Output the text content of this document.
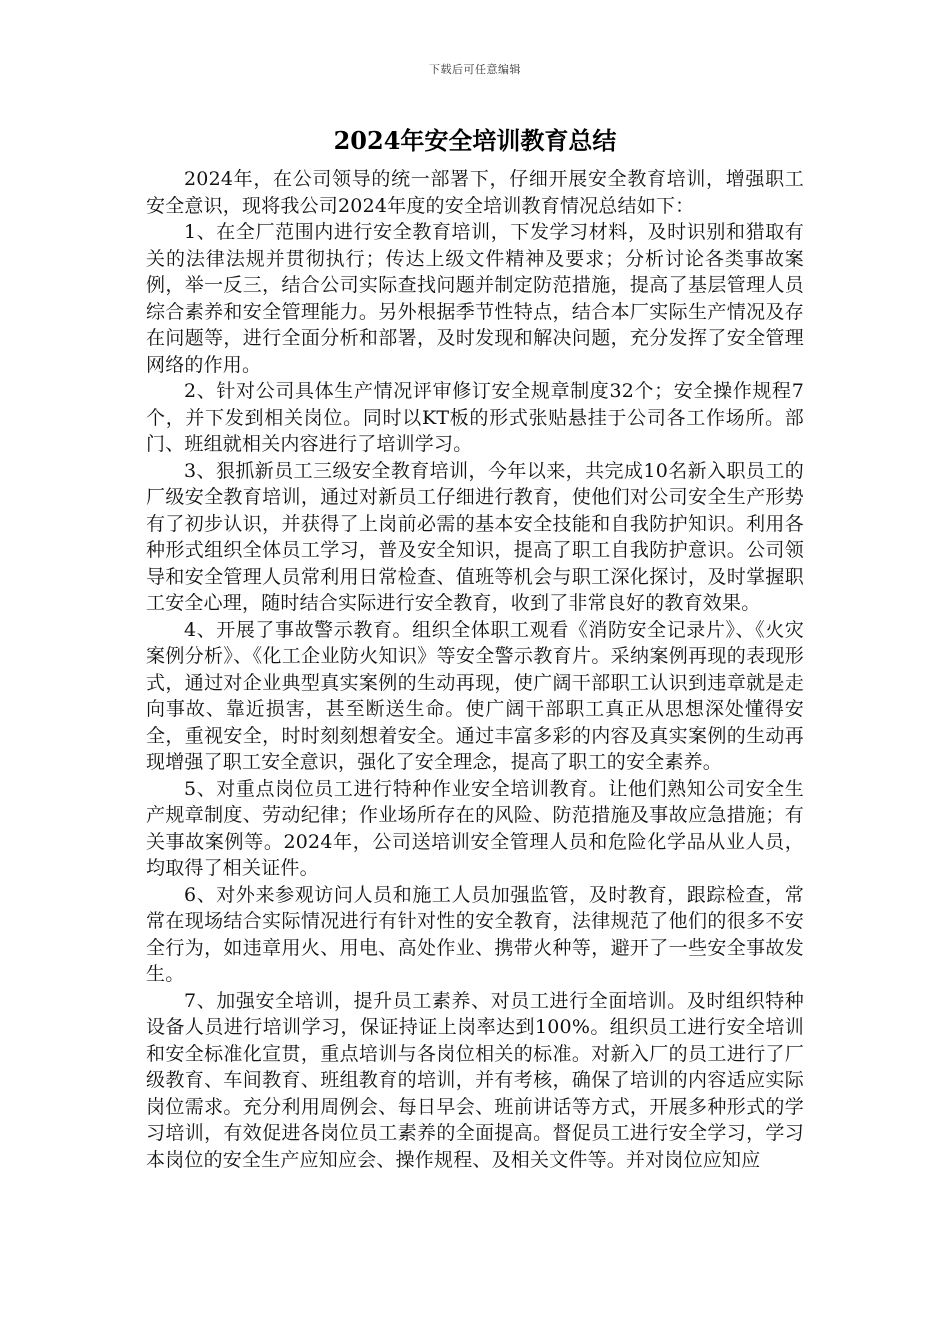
下载后可任意编辑
2024年安全培训教育总结

2024年，在公司领导的统一部署下，仔细开展安全教育培训，增强职工安全意识，现将我公司2024年度的安全培训教育情况总结如下：

1、在全厂范围内进行安全教育培训，下发学习材料，及时识别和猎取有关的法律法规并贯彻执行；传达上级文件精神及要求；分析讨论各类事故案例，举一反三，结合公司实际查找问题并制定防范措施，提高了基层管理人员综合素养和安全管理能力。另外根据季节性特点，结合本厂实际生产情况及存在问题等，进行全面分析和部署，及时发现和解决问题，充分发挥了安全管理网络的作用。

2、针对公司具体生产情况评审修订安全规章制度32个；安全操作规程7个，并下发到相关岗位。同时以KT板的形式张贴悬挂于公司各工作场所。部门、班组就相关内容进行了培训学习。

3、狠抓新员工三级安全教育培训，今年以来，共完成10名新入职员工的厂级安全教育培训，通过对新员工仔细进行教育，使他们对公司安全生产形势有了初步认识，并获得了上岗前必需的基本安全技能和自我防护知识。利用各种形式组织全体员工学习，普及安全知识，提高了职工自我防护意识。公司领导和安全管理人员常利用日常检查、值班等机会与职工深化探讨，及时掌握职工安全心理，随时结合实际进行安全教育，收到了非常良好的教育效果。

4、开展了事故警示教育。组织全体职工观看《消防安全记录片》、《火灾案例分析》、《化工企业防火知识》等安全警示教育片。采纳案例再现的表现形式，通过对企业典型真实案例的生动再现，使广阔干部职工认识到违章就是走向事故、靠近损害，甚至断送生命。使广阔干部职工真正从思想深处懂得安全，重视安全，时时刻刻想着安全。通过丰富多彩的内容及真实案例的生动再现增强了职工安全意识，强化了安全理念，提高了职工的安全素养。

5、对重点岗位员工进行特种作业安全培训教育。让他们熟知公司安全生产规章制度、劳动纪律；作业场所存在的风险、防范措施及事故应急措施；有关事故案例等。2024年，公司送培训安全管理人员和危险化学品从业人员，均取得了相关证件。

6、对外来参观访问人员和施工人员加强监管，及时教育，跟踪检查，常常在现场结合实际情况进行有针对性的安全教育，法律规范了他们的很多不安全行为，如违章用火、用电、高处作业、携带火种等，避开了一些安全事故发生。

7、加强安全培训，提升员工素养、对员工进行全面培训。及时组织特种设备人员进行培训学习，保证持证上岗率达到100%。组织员工进行安全培训和安全标准化宣贯，重点培训与各岗位相关的标准。对新入厂的员工进行了厂级教育、车间教育、班组教育的培训，并有考核，确保了培训的内容适应实际岗位需求。充分利用周例会、每日早会、班前讲话等方式，开展多种形式的学习培训，有效促进各岗位员工素养的全面提高。督促员工进行安全学习，学习本岗位的安全生产应知应会、操作规程、及相关文件等。并对岗位应知应
